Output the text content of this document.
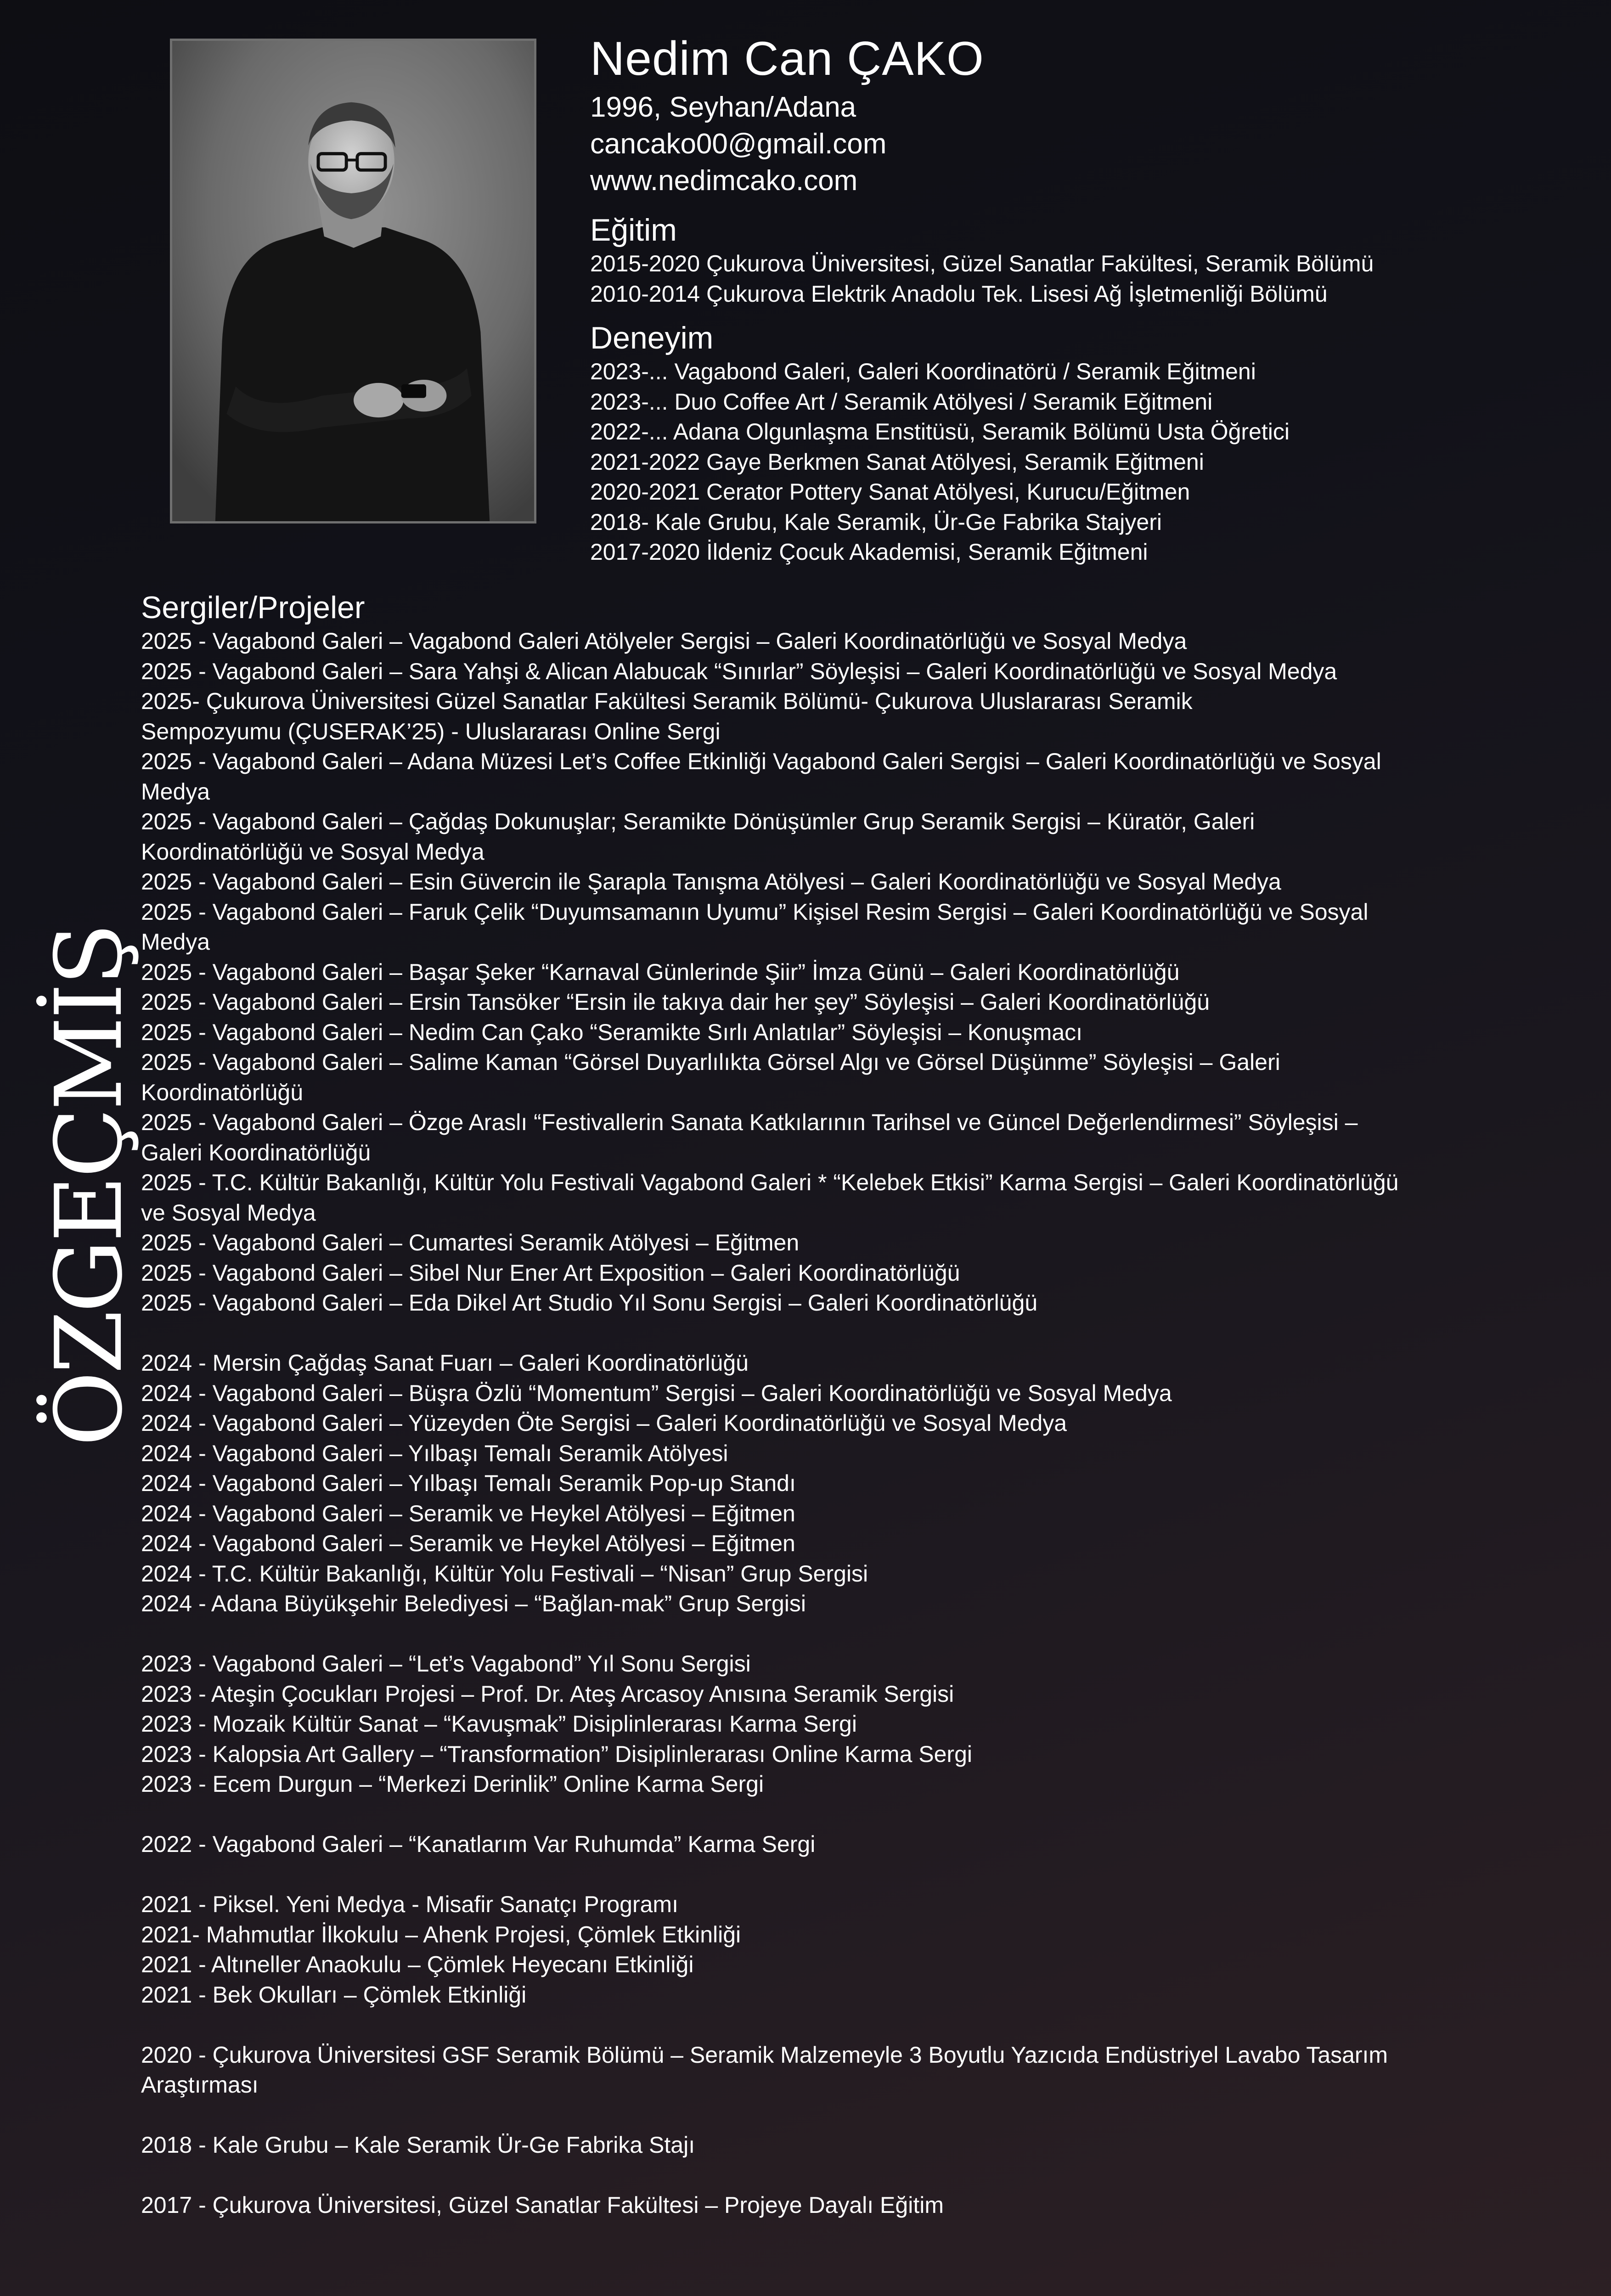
Nedim Can ÇAKO

1996, Seyhan/Adana

cancako00@gmail.com

www.nedimcako.com

Eğitim

2015-2020 Çukurova Üniversitesi, Güzel Sanatlar Fakültesi, Seramik Bölümü

2010-2014 Çukurova Elektrik Anadolu Tek. Lisesi Ağ İşletmenliği Bölümü

Deneyim

2023-... Vagabond Galeri, Galeri Koordinatörü / Seramik Eğitmeni

2023-... Duo Coffee Art / Seramik Atölyesi / Seramik Eğitmeni

2022-... Adana Olgunlaşma Enstitüsü, Seramik Bölümü Usta Öğretici

2021-2022 Gaye Berkmen Sanat Atölyesi, Seramik Eğitmeni

2020-2021 Cerator Pottery Sanat Atölyesi, Kurucu/Eğitmen

2018- Kale Grubu, Kale Seramik, Ür-Ge Fabrika Stajyeri

2017-2020 İldeniz Çocuk Akademisi, Seramik Eğitmeni

Sergiler/Projeler

2025 - Vagabond Galeri – Vagabond Galeri Atölyeler Sergisi – Galeri Koordinatörlüğü ve Sosyal Medya

2025 - Vagabond Galeri – Sara Yahşi & Alican Alabucak “Sınırlar” Söyleşisi – Galeri Koordinatörlüğü ve Sosyal Medya

2025- Çukurova Üniversitesi Güzel Sanatlar Fakültesi Seramik Bölümü- Çukurova Uluslararası Seramik

Sempozyumu (ÇUSERAK’25) - Uluslararası Online Sergi

2025 - Vagabond Galeri – Adana Müzesi Let’s Coffee Etkinliği Vagabond Galeri Sergisi – Galeri Koordinatörlüğü ve Sosyal

Medya

2025 - Vagabond Galeri – Çağdaş Dokunuşlar; Seramikte Dönüşümler Grup Seramik Sergisi – Küratör, Galeri

Koordinatörlüğü ve Sosyal Medya

2025 - Vagabond Galeri – Esin Güvercin ile Şarapla Tanışma Atölyesi – Galeri Koordinatörlüğü ve Sosyal Medya

2025 - Vagabond Galeri – Faruk Çelik “Duyumsamanın Uyumu” Kişisel Resim Sergisi – Galeri Koordinatörlüğü ve Sosyal

Medya

2025 - Vagabond Galeri – Başar Şeker “Karnaval Günlerinde Şiir” İmza Günü – Galeri Koordinatörlüğü

2025 - Vagabond Galeri – Ersin Tansöker “Ersin ile takıya dair her şey” Söyleşisi – Galeri Koordinatörlüğü

2025 - Vagabond Galeri – Nedim Can Çako “Seramikte Sırlı Anlatılar” Söyleşisi – Konuşmacı

2025 - Vagabond Galeri – Salime Kaman “Görsel Duyarlılıkta Görsel Algı ve Görsel Düşünme” Söyleşisi – Galeri

Koordinatörlüğü

2025 - Vagabond Galeri – Özge Araslı “Festivallerin Sanata Katkılarının Tarihsel ve Güncel Değerlendirmesi” Söyleşisi –

Galeri Koordinatörlüğü

2025 - T.C. Kültür Bakanlığı, Kültür Yolu Festivali Vagabond Galeri * “Kelebek Etkisi” Karma Sergisi – Galeri Koordinatörlüğü

ve Sosyal Medya

2025 - Vagabond Galeri – Cumartesi Seramik Atölyesi – Eğitmen

2025 - Vagabond Galeri – Sibel Nur Ener Art Exposition – Galeri Koordinatörlüğü

2025 - Vagabond Galeri – Eda Dikel Art Studio Yıl Sonu Sergisi – Galeri Koordinatörlüğü

2024 - Mersin Çağdaş Sanat Fuarı – Galeri Koordinatörlüğü

2024 - Vagabond Galeri – Büşra Özlü “Momentum” Sergisi – Galeri Koordinatörlüğü ve Sosyal Medya

2024 - Vagabond Galeri – Yüzeyden Öte Sergisi – Galeri Koordinatörlüğü ve Sosyal Medya

2024 - Vagabond Galeri – Yılbaşı Temalı Seramik Atölyesi

2024 - Vagabond Galeri – Yılbaşı Temalı Seramik Pop-up Standı

2024 - Vagabond Galeri – Seramik ve Heykel Atölyesi – Eğitmen

2024 - Vagabond Galeri – Seramik ve Heykel Atölyesi – Eğitmen

2024 - T.C. Kültür Bakanlığı, Kültür Yolu Festivali – “Nisan” Grup Sergisi

2024 - Adana Büyükşehir Belediyesi – “Bağlan-mak” Grup Sergisi

2023 - Vagabond Galeri – “Let’s Vagabond” Yıl Sonu Sergisi

2023 - Ateşin Çocukları Projesi – Prof. Dr. Ateş Arcasoy Anısına Seramik Sergisi

2023 - Mozaik Kültür Sanat – “Kavuşmak” Disiplinlerarası Karma Sergi

2023 - Kalopsia Art Gallery – “Transformation” Disiplinlerarası Online Karma Sergi

2023 - Ecem Durgun – “Merkezi Derinlik” Online Karma Sergi

2022 - Vagabond Galeri – “Kanatlarım Var Ruhumda” Karma Sergi

2021 - Piksel. Yeni Medya - Misafir Sanatçı Programı

2021- Mahmutlar İlkokulu – Ahenk Projesi, Çömlek Etkinliği

2021 - Altıneller Anaokulu – Çömlek Heyecanı Etkinliği

2021 - Bek Okulları – Çömlek Etkinliği

2020 - Çukurova Üniversitesi GSF Seramik Bölümü – Seramik Malzemeyle 3 Boyutlu Yazıcıda Endüstriyel Lavabo Tasarım

Araştırması

2018 - Kale Grubu – Kale Seramik Ür-Ge Fabrika Stajı

2017 - Çukurova Üniversitesi, Güzel Sanatlar Fakültesi – Projeye Dayalı Eğitim

ÖZGEÇMİŞ
